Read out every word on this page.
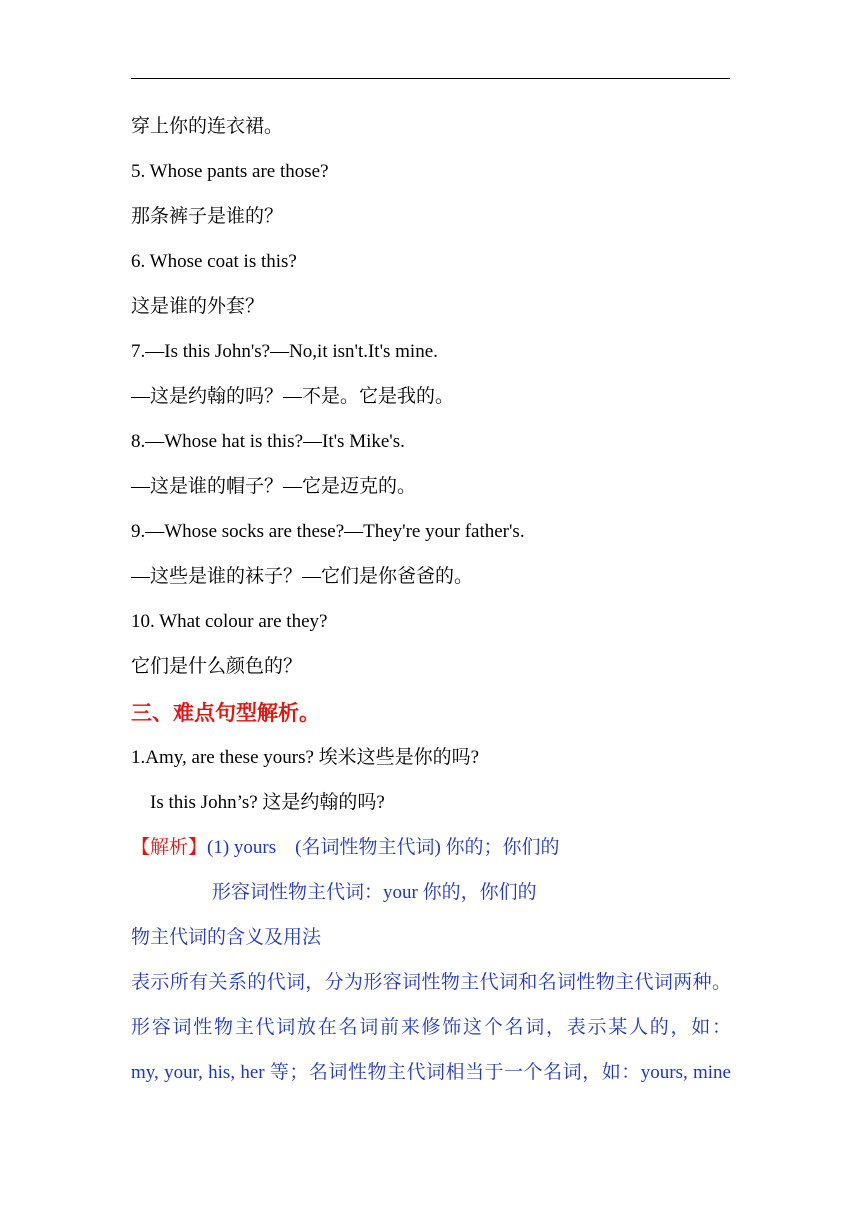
穿上你的连衣裙。
5. Whose pants are those?
那条裤子是谁的？
6. Whose coat is this?
这是谁的外套？
7.—Is this John's?—No,it isn't.It's mine.
—这是约翰的吗？—不是。它是我的。
8.—Whose hat is this?—It's Mike's.
—这是谁的帽子？—它是迈克的。
9.—Whose socks are these?—They're your father's.
—这些是谁的袜子？—它们是你爸爸的。
10. What colour are they?
它们是什么颜色的？
三、难点句型解析。
1.Amy, are these yours? 埃米这些是你的吗?
Is this John’s? 这是约翰的吗?
【解析】(1) yours　(名词性物主代词) 你的；你们的
形容词性物主代词：your 你的，你们的
物主代词的含义及用法
表示所有关系的代词，分为形容词性物主代词和名词性物主代词两种。
形容词性物主代词放在名词前来修饰这个名词，表示某人的，如：
my, your, his, her 等；名词性物主代词相当于一个名词，如：yours, mine
